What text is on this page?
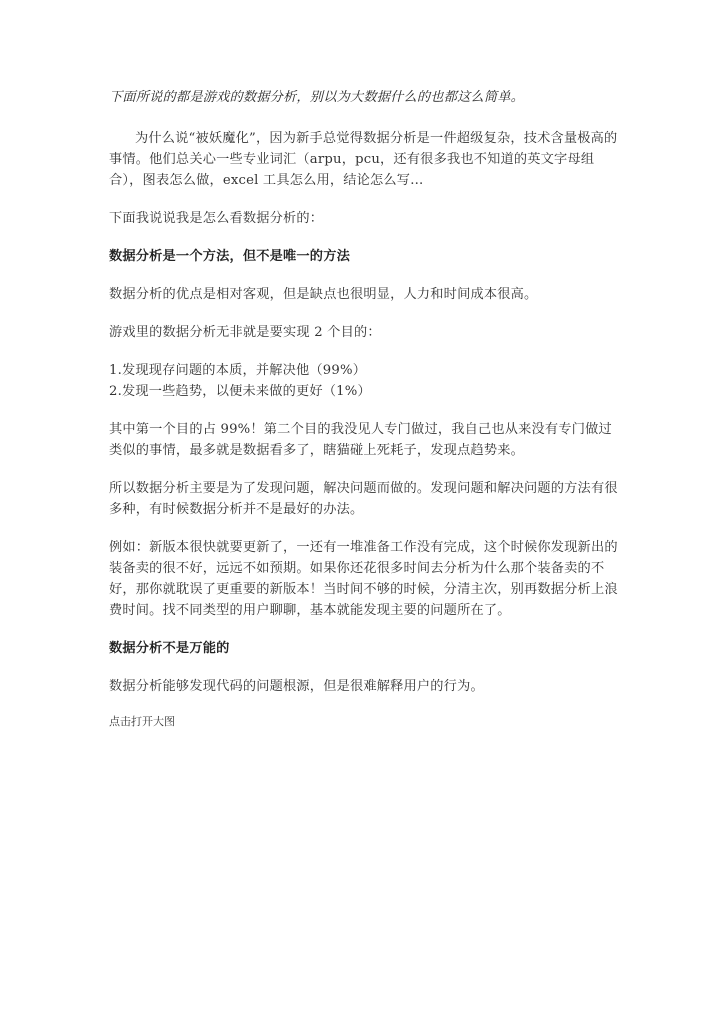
下面所说的都是游戏的数据分析，别以为大数据什么的也都这么简单。

为什么说“被妖魔化”，因为新手总觉得数据分析是一件超级复杂，技术含量极高的事情。他们总关心一些专业词汇（arpu，pcu，还有很多我也不知道的英文字母组合），图表怎么做，excel 工具怎么用，结论怎么写...

下面我说说我是怎么看数据分析的：

数据分析是一个方法，但不是唯一的方法

数据分析的优点是相对客观，但是缺点也很明显，人力和时间成本很高。

游戏里的数据分析无非就是要实现 2 个目的：

1.发现现存问题的本质，并解决他（99%）

2.发现一些趋势，以便未来做的更好（1%）

其中第一个目的占 99%！第二个目的我没见人专门做过，我自己也从来没有专门做过类似的事情，最多就是数据看多了，瞎猫碰上死耗子，发现点趋势来。

所以数据分析主要是为了发现问题，解决问题而做的。发现问题和解决问题的方法有很多种，有时候数据分析并不是最好的办法。

例如：新版本很快就要更新了，一还有一堆准备工作没有完成，这个时候你发现新出的装备卖的很不好，远远不如预期。如果你还花很多时间去分析为什么那个装备卖的不好，那你就耽误了更重要的新版本！当时间不够的时候，分清主次，别再数据分析上浪费时间。找不同类型的用户聊聊，基本就能发现主要的问题所在了。

数据分析不是万能的

数据分析能够发现代码的问题根源，但是很难解释用户的行为。

点击打开大图
